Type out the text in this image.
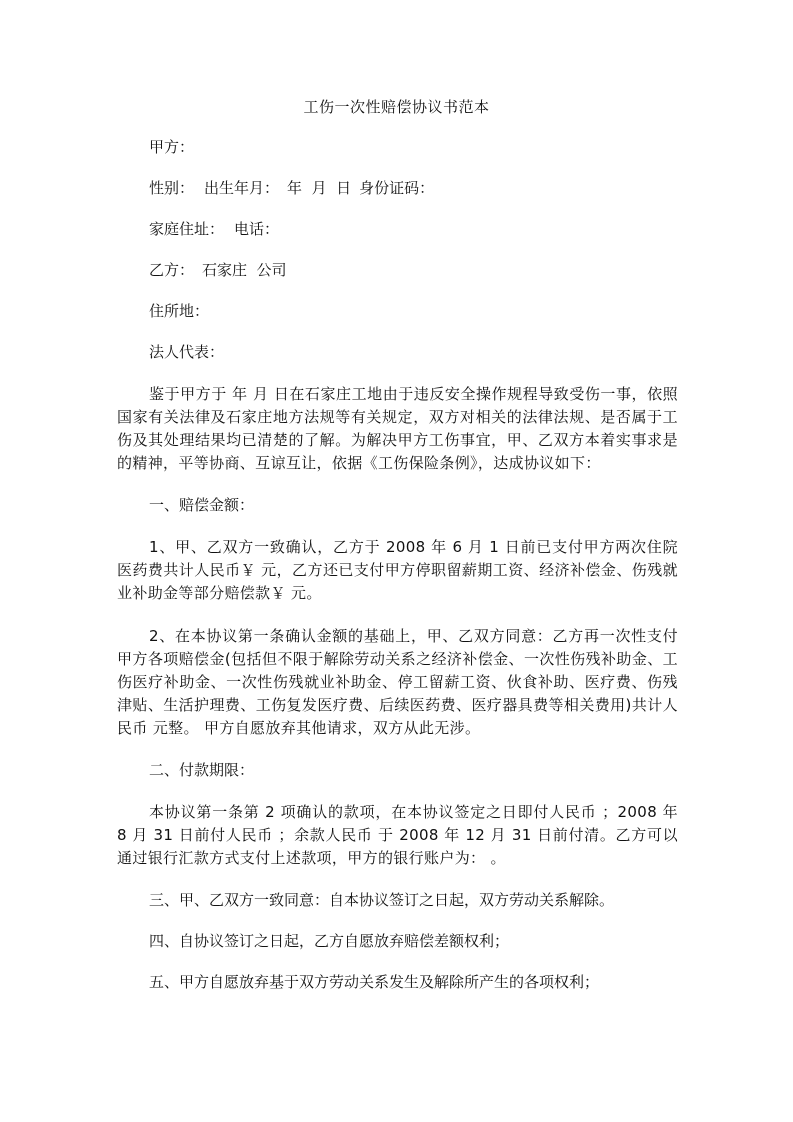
工伤一次性赔偿协议书范本
甲方：
性别： 出生年月： 年  月  日 身份证码：
家庭住址： 电话：
乙方： 石家庄  公司
住所地：
法人代表：

鉴于甲方于 年 月 日在石家庄工地由于违反安全操作规程导致受伤一事，依照国家有关法律及石家庄地方法规等有关规定，双方对相关的法律法规、是否属于工伤及其处理结果均已清楚的了解。为解决甲方工伤事宜，甲、乙双方本着实事求是的精神，平等协商、互谅互让，依据《工伤保险条例》，达成协议如下：

一、赔偿金额：

1、甲、乙双方一致确认，乙方于 2008 年 6 月 1 日前已支付甲方两次住院医药费共计人民币￥ 元，乙方还已支付甲方停职留薪期工资、经济补偿金、伤残就业补助金等部分赔偿款￥ 元。

2、在本协议第一条确认金额的基础上，甲、乙双方同意：乙方再一次性支付甲方各项赔偿金(包括但不限于解除劳动关系之经济补偿金、一次性伤残补助金、工伤医疗补助金、一次性伤残就业补助金、停工留薪工资、伙食补助、医疗费、伤残津贴、生活护理费、工伤复发医疗费、后续医药费、医疗器具费等相关费用)共计人民币 元整。 甲方自愿放弃其他请求，双方从此无涉。

二、付款期限：

本协议第一条第 2 项确认的款项，在本协议签定之日即付人民币 ；2008 年 8 月 31 日前付人民币 ；余款人民币 于 2008 年 12 月 31 日前付清。乙方可以通过银行汇款方式支付上述款项，甲方的银行账户为： 。

三、甲、乙双方一致同意：自本协议签订之日起，双方劳动关系解除。
四、自协议签订之日起，乙方自愿放弃赔偿差额权利；
五、甲方自愿放弃基于双方劳动关系发生及解除所产生的各项权利；
